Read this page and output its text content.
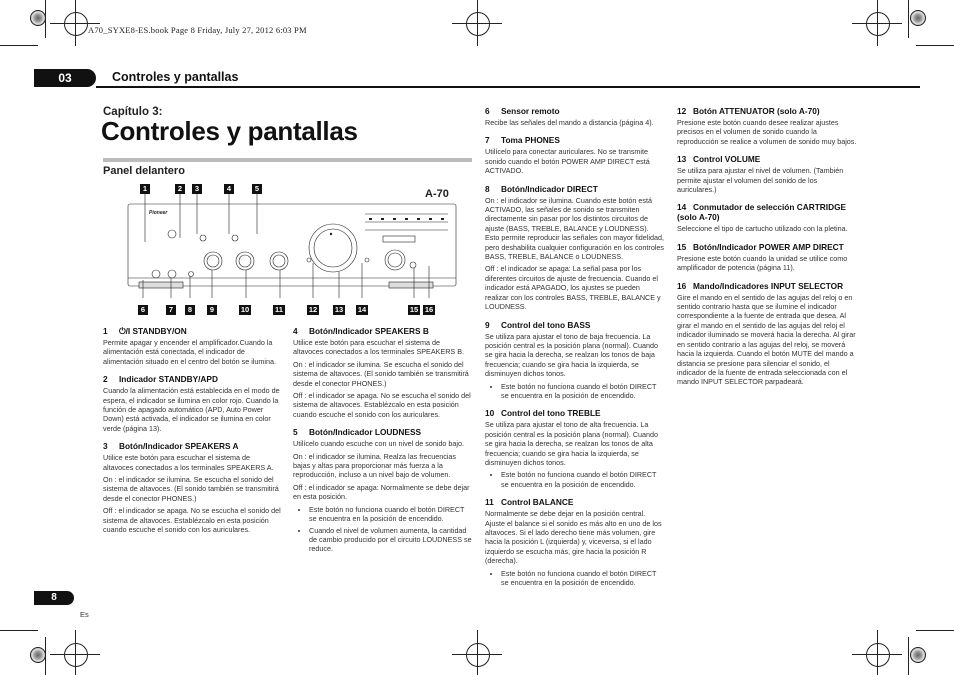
A70_SYXE8-ES.book Page 8 Friday, July 27, 2012 6:03 PM
03	Controles y pantallas
Capítulo 3:
Controles y pantallas
Panel delantero
A-70
1	2	3	4	5
Pioneer
6	7	8	9	10	11	12 13 14	15 16
1 ⏻/I STANDBY/ON

Permite apagar y encender el amplificador.Cuando la alimentación está conectada, el indicador de alimentación situado en el centro del botón se ilumina.

2 Indicador STANDBY/APD

Cuando la alimentación está establecida en el modo de espera, el indicador se ilumina en color rojo. Cuando la función de apagado automático (APD, Auto Power Down) está activada, el indicador se ilumina en color verde (página 13).

3 Botón/Indicador SPEAKERS A

Utilice este botón para escuchar el sistema de altavoces conectados a los terminales SPEAKERS A.

On : el indicador se ilumina. Se escucha el sonido del sistema de altavoces. (El sonido también se transmitirá desde el conector PHONES.)

Off : el indicador se apaga. No se escucha el sonido del sistema de altavoces. Establézcalo en esta posición cuando escuche el sonido con los auriculares.

4 Botón/Indicador SPEAKERS B

Utilice este botón para escuchar el sistema de altavoces conectados a los terminales SPEAKERS B.

On : el indicador se ilumina. Se escucha el sonido del sistema de altavoces. (El sonido también se transmitirá desde el conector PHONES.)

Off : el indicador se apaga. No se escucha el sonido del sistema de altavoces. Establézcalo en esta posición cuando escuche el sonido con los auriculares.

5 Botón/Indicador LOUDNESS

Utilícelo cuando escuche con un nivel de sonido bajo.

On : el indicador se ilumina. Realza las frecuencias bajas y altas para proporcionar más fuerza a la reproducción, incluso a un nivel bajo de volumen.

Off : el indicador se apaga: Normalmente se debe dejar en esta posición.

• Este botón no funciona cuando el botón DIRECT se encuentra en la posición de encendido.
• Cuando el nivel de volumen aumenta, la cantidad de cambio producido por el circuito LOUDNESS se reduce.
6 Sensor remoto

Recibe las señales del mando a distancia (página 4).

7 Toma PHONES

Utilícelo para conectar auriculares. No se transmite sonido cuando el botón POWER AMP DIRECT está ACTIVADO.

8 Botón/Indicador DIRECT

On : el indicador se ilumina. Cuando este botón está ACTIVADO, las señales de sonido se transmiten directamente sin pasar por los distintos circuitos de ajuste (BASS, TREBLE, BALANCE y LOUDNESS). Esto permite reproducir las señales con mayor fidelidad, pero deshabilita cualquier configuración en los controles BASS, TREBLE, BALANCE o LOUDNESS.

Off : el indicador se apaga: La señal pasa por los diferentes circuitos de ajuste de frecuencia. Cuando el indicador está APAGADO, los ajustes se pueden realizar con los controles BASS, TREBLE, BALANCE y LOUDNESS.

9 Control del tono BASS

Se utiliza para ajustar el tono de baja frecuencia. La posición central es la posición plana (normal). Cuando se gira hacia la derecha, se realzan los tonos de baja frecuencia; cuando se gira hacia la izquierda, se disminuyen dichos tonos.

• Este botón no funciona cuando el botón DIRECT se encuentra en la posición de encendido.
10 Control del tono TREBLE

Se utiliza para ajustar el tono de alta frecuencia. La posición central es la posición plana (normal). Cuando se gira hacia la derecha, se realzan los tonos de alta frecuencia; cuando se gira hacia la izquierda, se disminuyen dichos tonos.

• Este botón no funciona cuando el botón DIRECT se encuentra en la posición de encendido.
11 Control BALANCE

Normalmente se debe dejar en la posición central. Ajuste el balance si el sonido es más alto en uno de los altavoces. Si el lado derecho tiene más volumen, gire hacia la posición L (izquierda) y, viceversa, si el lado izquierdo se escucha más, gire hacia la posición R (derecha).

• Este botón no funciona cuando el botón DIRECT se encuentra en la posición de encendido.
12 Botón ATTENUATOR (solo A-70)

Presione este botón cuando desee realizar ajustes precisos en el volumen de sonido cuando la reproducción se realice a volumen de sonido muy bajos.

13 Control VOLUME

Se utiliza para ajustar el nivel de volumen. (También permite ajustar el volumen del sonido de los auriculares.)

14 Conmutador de selección CARTRIDGE (solo A-70)

Seleccione el tipo de cartucho utilizado con la pletina.

15 Botón/Indicador POWER AMP DIRECT

Presione este botón cuando la unidad se utilice como amplificador de potencia (página 11).

16 Mando/Indicadores INPUT SELECTOR

Gire el mando en el sentido de las agujas del reloj o en sentido contrario hasta que se ilumine el indicador correspondiente a la fuente de entrada que desea. Al girar el mando en el sentido de las agujas del reloj el indicador iluminado se moverá hacia la derecha. Al girar en sentido contrario a las agujas del reloj, se moverá hacia la izquierda. Cuando el botón MUTE del mando a distancia se presione para silenciar el sonido, el indicador de la fuente de entrada seleccionada con el mando INPUT SELECTOR parpadeará.

8
Es
